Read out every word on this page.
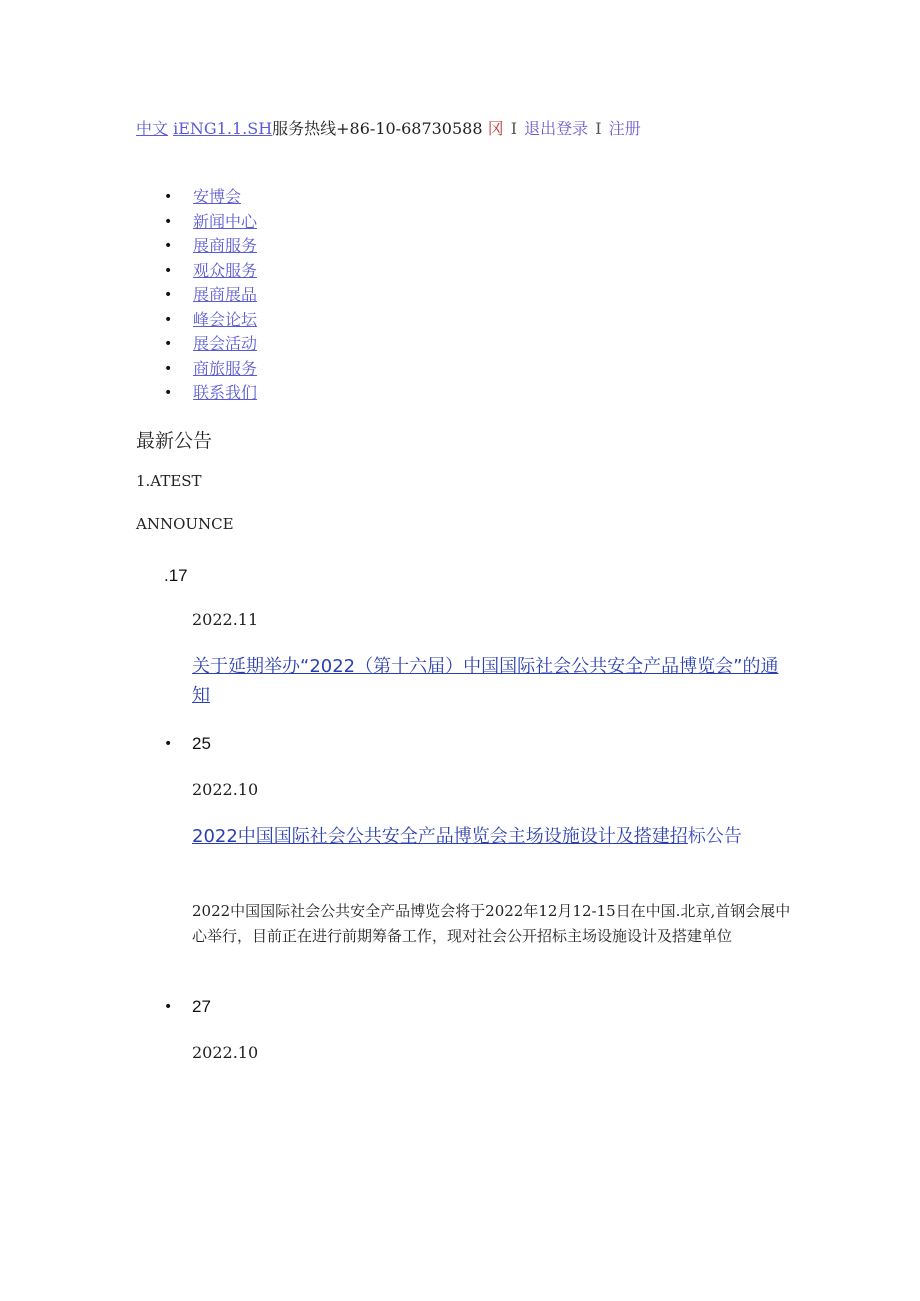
中文 iENG1.1.SH服务热线+86-10-68730588 冈 I 退出登录 I 注册
• 安博会
• 新闻中心
• 展商服务
• 观众服务
• 展商展品
• 峰会论坛
• 展会活动
• 商旅服务
• 联系我们
最新公告
1.ATEST
ANNOUNCE
.17
2022.11
关于延期举办“2022（第十六届）中国国际社会公共安全产品博览会”的通知
• 25
2022.10
2022中国国际社会公共安全产品博览会主场设施设计及搭建招标公告
2022中国国际社会公共安全产品博览会将于2022年12月12-15日在中国.北京,首钢会展中心举行，目前正在进行前期筹备工作，现对社会公开招标主场设施设计及搭建单位
• 27
2022.10
